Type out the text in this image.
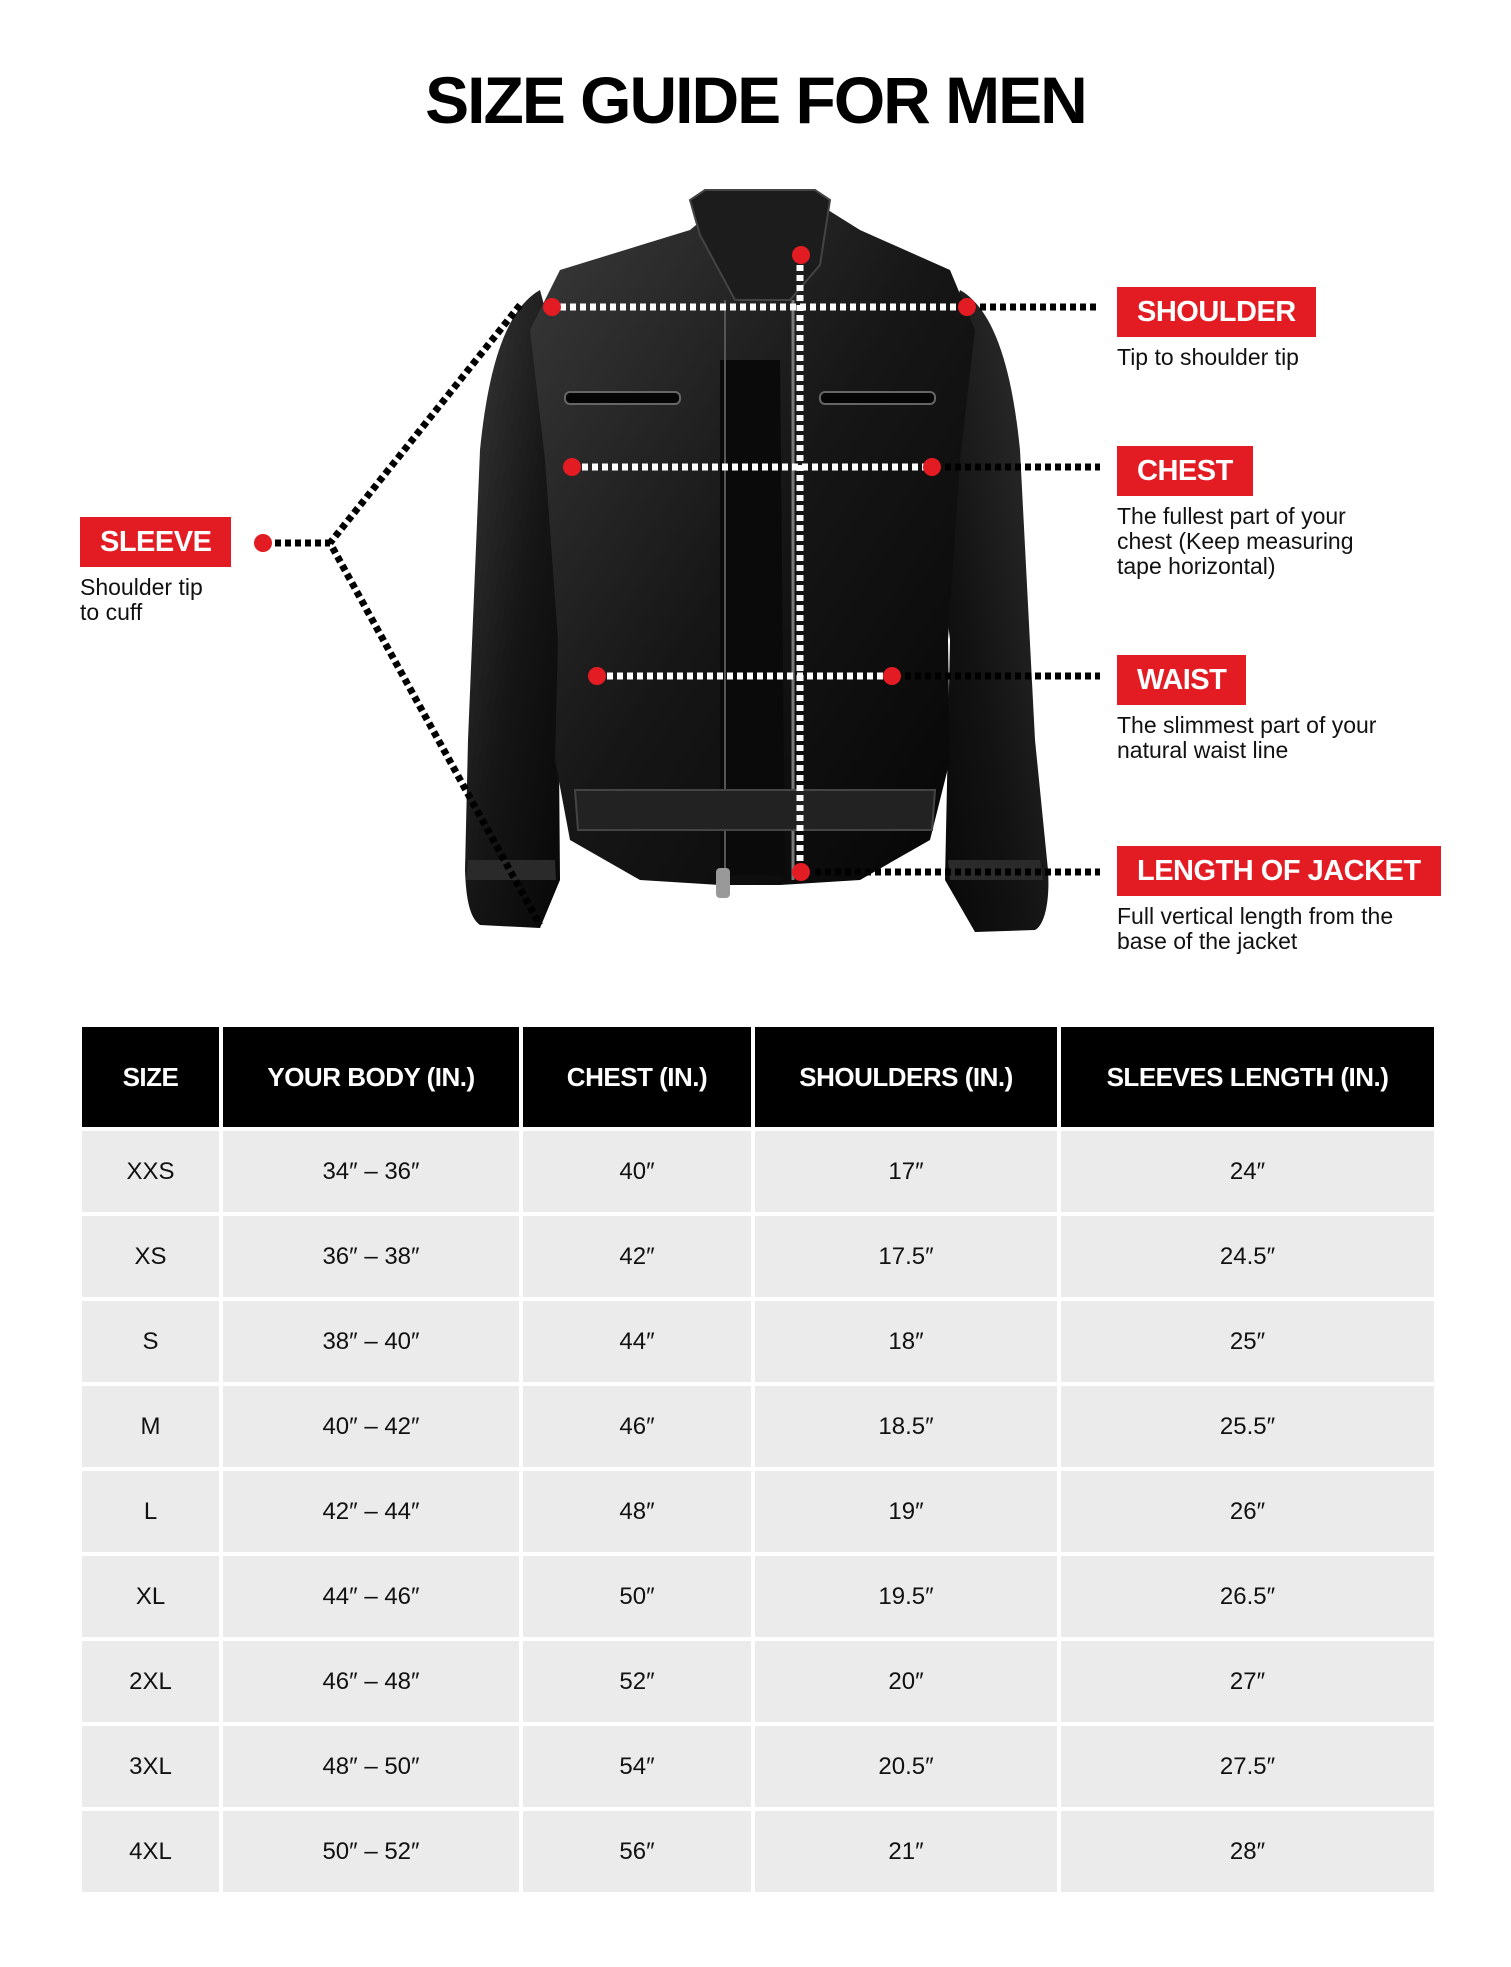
SIZE GUIDE FOR MEN
SHOULDER
Tip to shoulder tip
CHEST
The fullest part of your
chest (Keep measuring
tape horizontal)
WAIST
The slimmest part of your
natural waist line
LENGTH OF JACKET
Full vertical length from the
base of the jacket
SLEEVE
Shoulder tip
to cuff
SIZE	YOUR BODY (IN.)	CHEST (IN.)	SHOULDERS (IN.)	SLEEVES LENGTH (IN.)
XXS	34″ – 36″	40″	17″	24″
XS	36″ – 38″	42″	17.5″	24.5″
S	38″ – 40″	44″	18″	25″
M	40″ – 42″	46″	18.5″	25.5″
L	42″ – 44″	48″	19″	26″
XL	44″ – 46″	50″	19.5″	26.5″
2XL	46″ – 48″	52″	20″	27″
3XL	48″ – 50″	54″	20.5″	27.5″
4XL	50″ – 52″	56″	21″	28″
